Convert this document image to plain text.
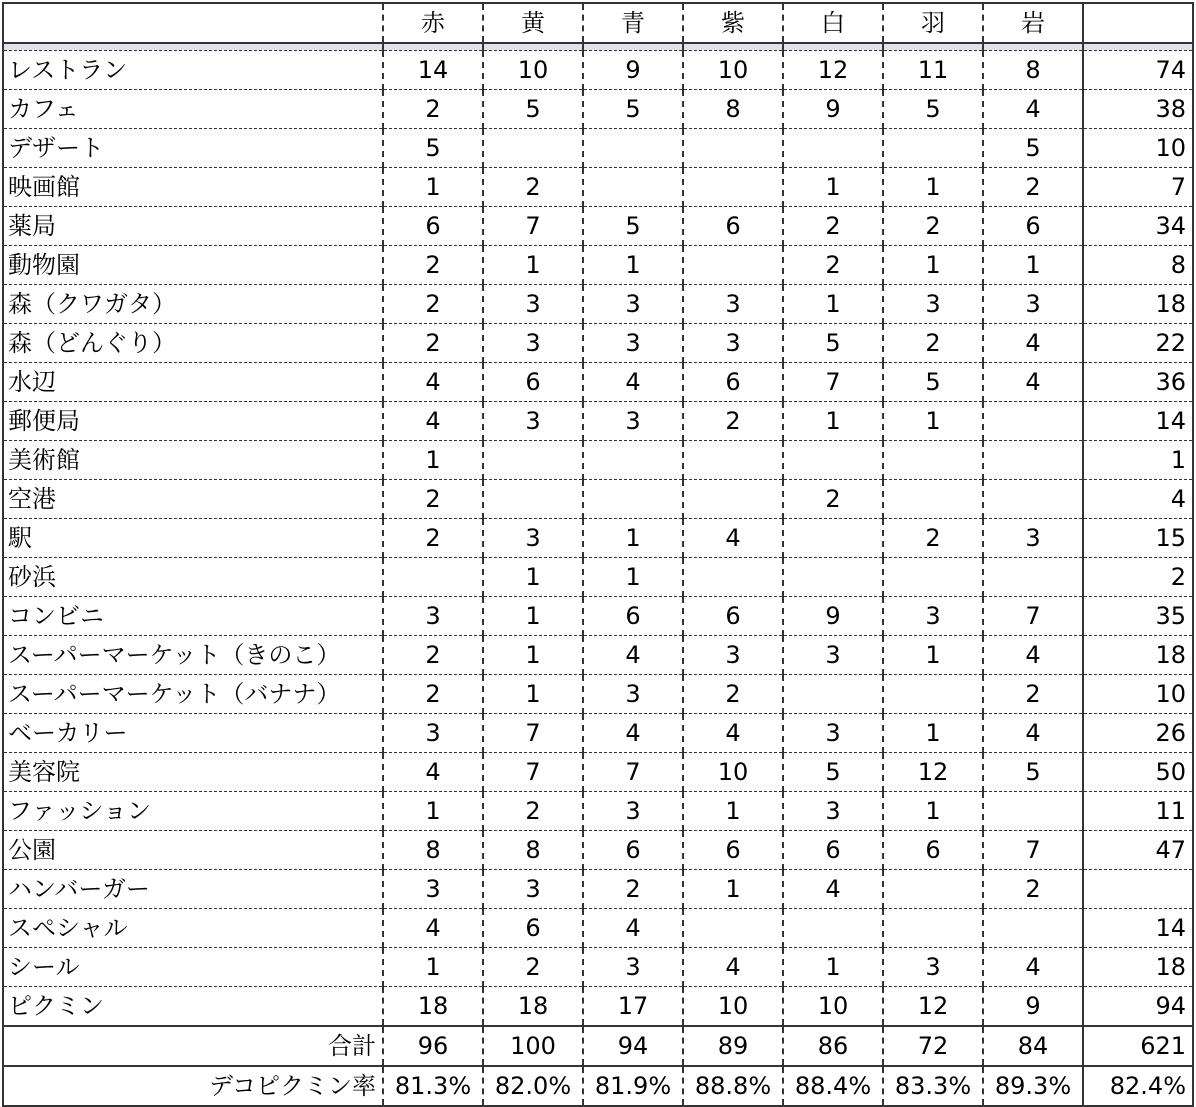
	赤	黄	青	紫	白	羽	岩	

レストラン	14	10	9	10	12	11	8	74
カフェ	2	5	5	8	9	5	4	38
デザート	5						5	10
映画館	1	2			1	1	2	7
薬局	6	7	5	6	2	2	6	34
動物園	2	1	1		2	1	1	8
森（クワガタ）	2	3	3	3	1	3	3	18
森（どんぐり）	2	3	3	3	5	2	4	22
水辺	4	6	4	6	7	5	4	36
郵便局	4	3	3	2	1	1		14
美術館	1							1
空港	2				2			4
駅	2	3	1	4		2	3	15
砂浜		1	1					2
コンビニ	3	1	6	6	9	3	7	35
スーパーマーケット（きのこ）	2	1	4	3	3	1	4	18
スーパーマーケット（バナナ）	2	1	3	2			2	10
ベーカリー	3	7	4	4	3	1	4	26
美容院	4	7	7	10	5	12	5	50
ファッション	1	2	3	1	3	1		11
公園	8	8	6	6	6	6	7	47
ハンバーガー	3	3	2	1	4		2	
スペシャル	4	6	4					14
シール	1	2	3	4	1	3	4	18
ピクミン	18	18	17	10	10	12	9	94
合計	96	100	94	89	86	72	84	621
デコピクミン率	81.3%	82.0%	81.9%	88.8%	88.4%	83.3%	89.3%	82.4%
